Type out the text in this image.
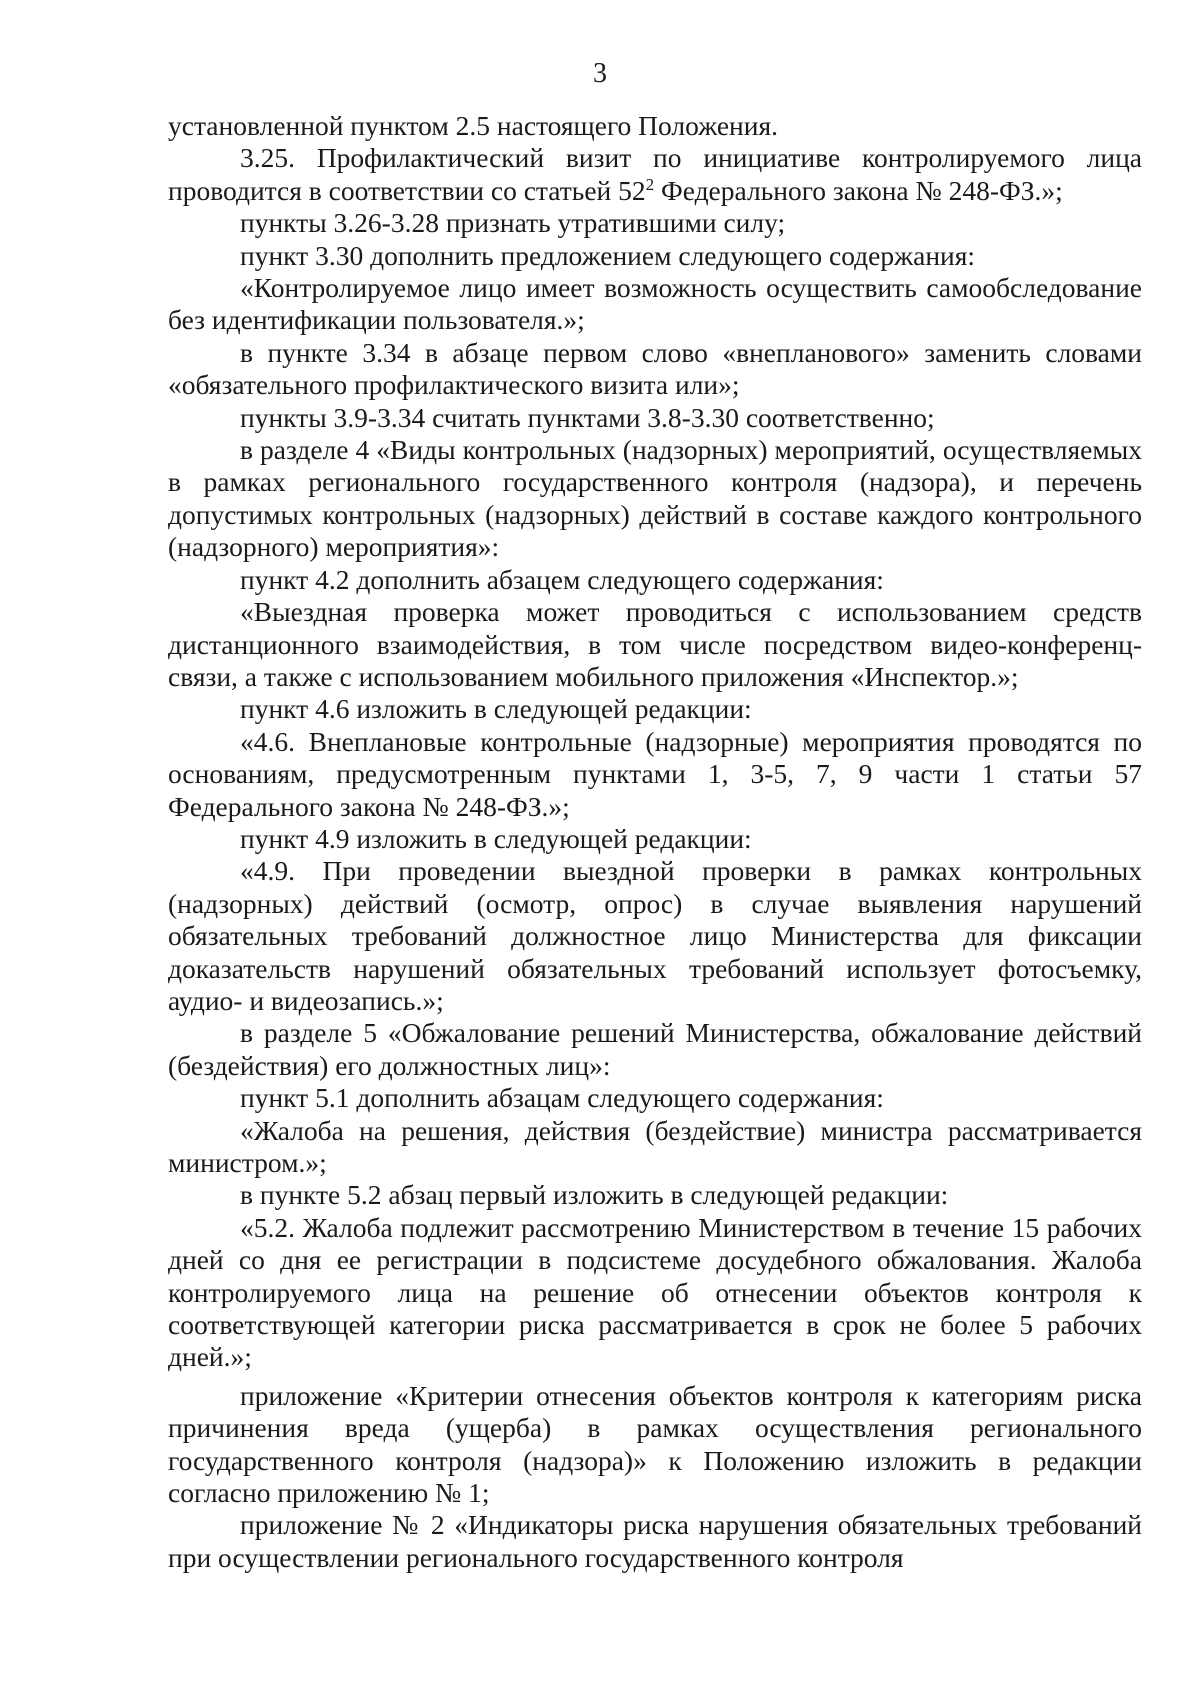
3

установленной пунктом 2.5 настоящего Положения.

3.25. Профилактический визит по инициативе контролируемого лица проводится в соответствии со статьей $52^2$ Федерального закона № 248-ФЗ.»;

пункты 3.26-3.28 признать утратившими силу;

пункт 3.30 дополнить предложением следующего содержания:

«Контролируемое лицо имеет возможность осуществить самообследование без идентификации пользователя.»;

в пункте 3.34 в абзаце первом слово «внепланового» заменить словами «обязательного профилактического визита или»;

пункты 3.9-3.34 считать пунктами 3.8-3.30 соответственно;

в разделе 4 «Виды контрольных (надзорных) мероприятий, осуществляемых в рамках регионального государственного контроля (надзора), и перечень допустимых контрольных (надзорных) действий в составе каждого контрольного (надзорного) мероприятия»:

пункт 4.2 дополнить абзацем следующего содержания:

«Выездная проверка может проводиться с использованием средств дистанционного взаимодействия, в том числе посредством видео-конференц-связи, а также с использованием мобильного приложения «Инспектор.»;

пункт 4.6 изложить в следующей редакции:

«4.6. Внеплановые контрольные (надзорные) мероприятия проводятся по основаниям, предусмотренным пунктами 1, 3-5, 7, 9 части 1 статьи 57 Федерального закона № 248-ФЗ.»;

пункт 4.9 изложить в следующей редакции:

«4.9. При проведении выездной проверки в рамках контрольных (надзорных) действий (осмотр, опрос) в случае выявления нарушений обязательных требований должностное лицо Министерства для фиксации доказательств нарушений обязательных требований использует фотосъемку, аудио- и видеозапись.»;

в разделе 5 «Обжалование решений Министерства, обжалование действий (бездействия) его должностных лиц»:

пункт 5.1 дополнить абзацам следующего содержания:

«Жалоба на решения, действия (бездействие) министра рассматривается министром.»;

в пункте 5.2 абзац первый изложить в следующей редакции:

«5.2. Жалоба подлежит рассмотрению Министерством в течение 15 рабочих дней со дня ее регистрации в подсистеме досудебного обжалования. Жалоба контролируемого лица на решение об отнесении объектов контроля к соответствующей категории риска рассматривается в срок не более 5 рабочих дней.»;

приложение «Критерии отнесения объектов контроля к категориям риска причинения вреда (ущерба) в рамках осуществления регионального государственного контроля (надзора)» к Положению изложить в редакции согласно приложению № 1;

приложение № 2 «Индикаторы риска нарушения обязательных требований при осуществлении регионального государственного контроля
